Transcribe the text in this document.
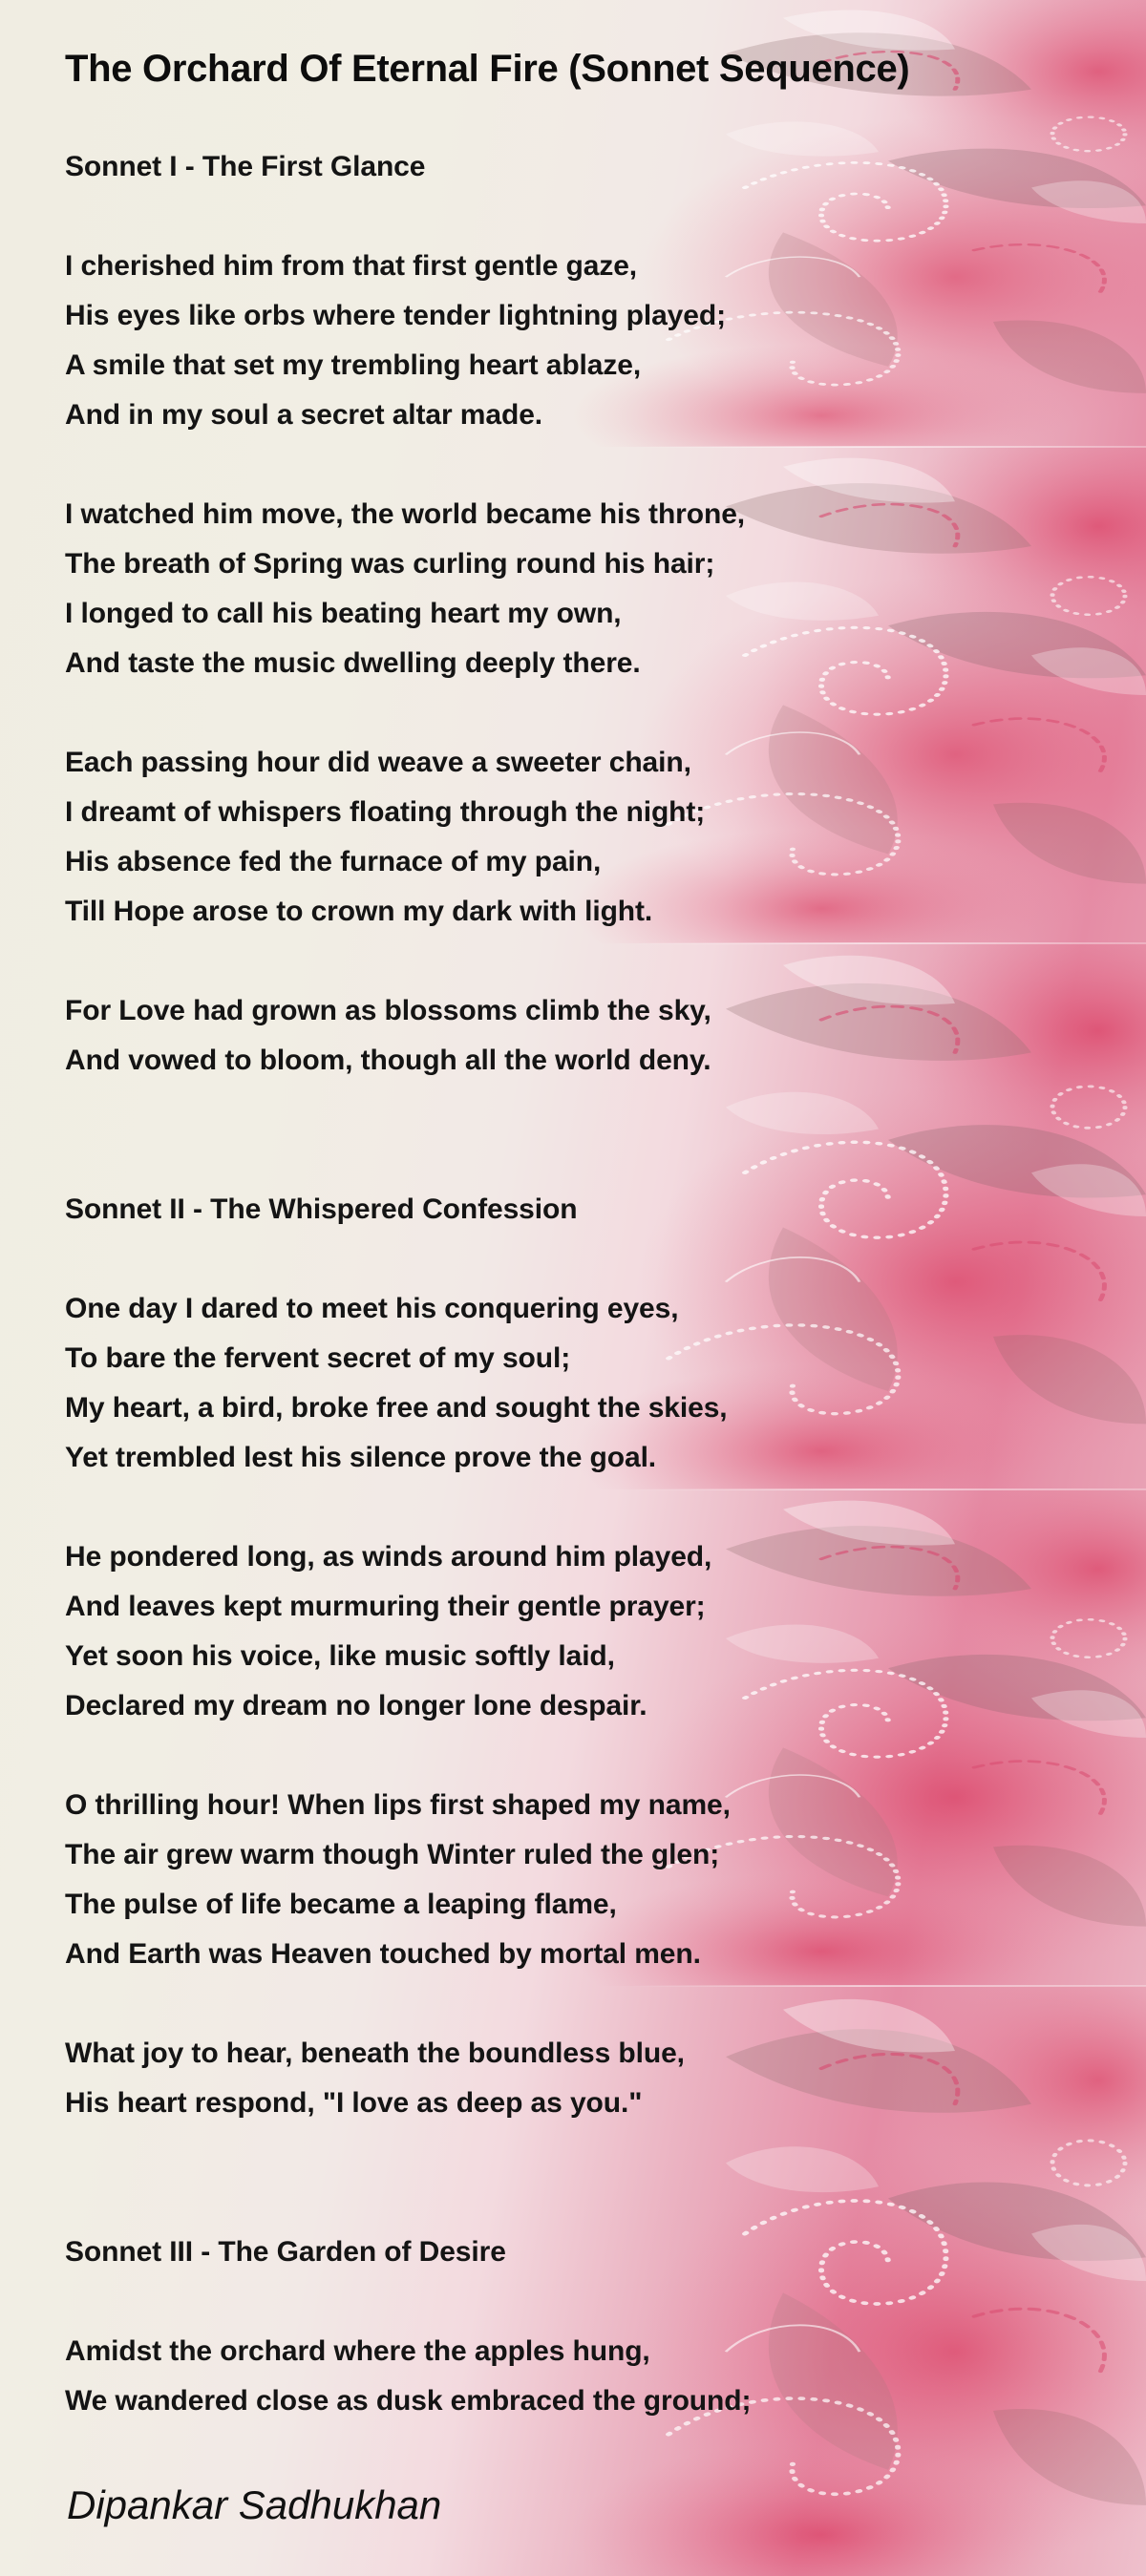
The Orchard Of Eternal Fire (Sonnet Sequence)
Sonnet I - The First Glance
I cherished him from that first gentle gaze,
His eyes like orbs where tender lightning played;
A smile that set my trembling heart ablaze,
And in my soul a secret altar made.
I watched him move, the world became his throne,
The breath of Spring was curling round his hair;
I longed to call his beating heart my own,
And taste the music dwelling deeply there.
Each passing hour did weave a sweeter chain,
I dreamt of whispers floating through the night;
His absence fed the furnace of my pain,
Till Hope arose to crown my dark with light.
For Love had grown as blossoms climb the sky,
And vowed to bloom, though all the world deny.
Sonnet II - The Whispered Confession
One day I dared to meet his conquering eyes,
To bare the fervent secret of my soul;
My heart, a bird, broke free and sought the skies,
Yet trembled lest his silence prove the goal.
He pondered long, as winds around him played,
And leaves kept murmuring their gentle prayer;
Yet soon his voice, like music softly laid,
Declared my dream no longer lone despair.
O thrilling hour! When lips first shaped my name,
The air grew warm though Winter ruled the glen;
The pulse of life became a leaping flame,
And Earth was Heaven touched by mortal men.
What joy to hear, beneath the boundless blue,
His heart respond, "I love as deep as you."
Sonnet III - The Garden of Desire
Amidst the orchard where the apples hung,
We wandered close as dusk embraced the ground;
Dipankar Sadhukhan
